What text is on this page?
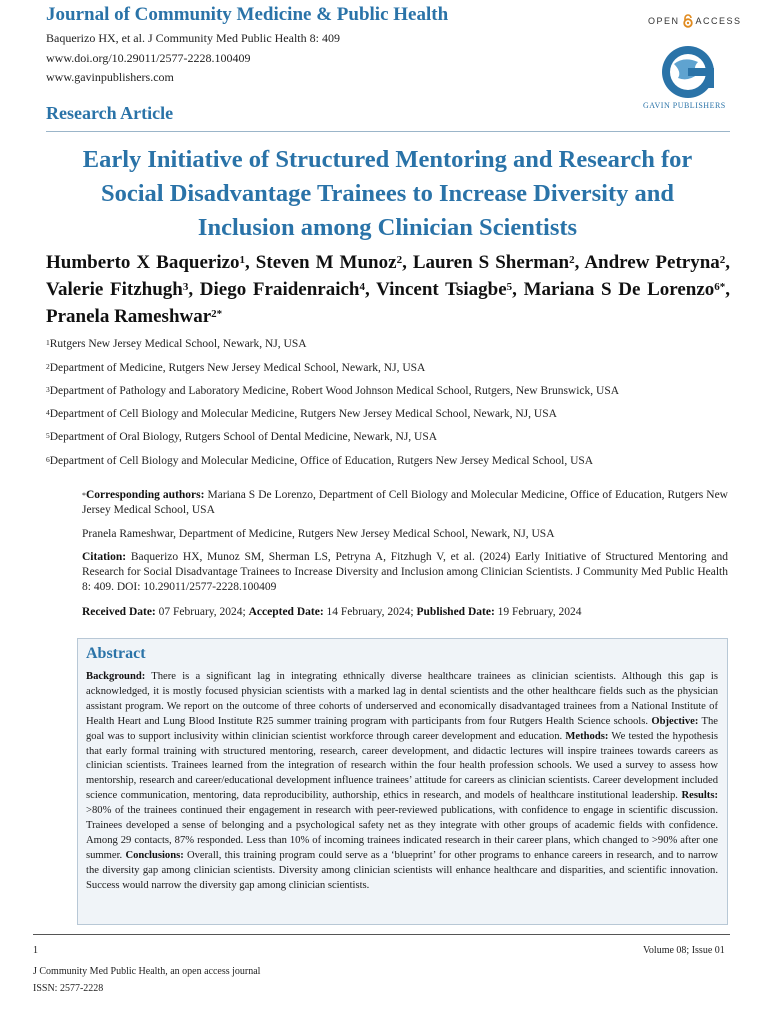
Journal of Community Medicine & Public Health
Baquerizo HX, et al. J Community Med Public Health 8: 409
www.doi.org/10.29011/2577-2228.100409
www.gavinpublishers.com
OPEN ACCESS
GAVIN PUBLISHERS
Research Article
Early Initiative of Structured Mentoring and Research for Social Disadvantage Trainees to Increase Diversity and Inclusion among Clinician Scientists
Humberto X Baquerizo$^1$, Steven M Munoz$^2$, Lauren S Sherman$^2$, Andrew Petryna$^2$, Valerie Fitzhugh$^3$, Diego Fraidenraich$^4$, Vincent Tsiagbe$^5$, Mariana S De Lorenzo$^{6*}$, Pranela Rameshwar$^{2*}$
$^1$Rutgers New Jersey Medical School, Newark, NJ, USA
$^2$Department of Medicine, Rutgers New Jersey Medical School, Newark, NJ, USA
$^3$Department of Pathology and Laboratory Medicine, Robert Wood Johnson Medical School, Rutgers, New Brunswick, USA
$^4$Department of Cell Biology and Molecular Medicine, Rutgers New Jersey Medical School, Newark, NJ, USA
$^5$Department of Oral Biology, Rutgers School of Dental Medicine, Newark, NJ, USA
$^6$Department of Cell Biology and Molecular Medicine, Office of Education, Rutgers New Jersey Medical School, USA
*Corresponding authors: Mariana S De Lorenzo, Department of Cell Biology and Molecular Medicine, Office of Education, Rutgers New Jersey Medical School, USA
Pranela Rameshwar, Department of Medicine, Rutgers New Jersey Medical School, Newark, NJ, USA
Citation: Baquerizo HX, Munoz SM, Sherman LS, Petryna A, Fitzhugh V, et al. (2024) Early Initiative of Structured Mentoring and Research for Social Disadvantage Trainees to Increase Diversity and Inclusion among Clinician Scientists. J Community Med Public Health 8: 409. DOI: 10.29011/2577-2228.100409
Received Date: 07 February, 2024; Accepted Date: 14 February, 2024; Published Date: 19 February, 2024
Abstract
Background: There is a significant lag in integrating ethnically diverse healthcare trainees as clinician scientists. Although this gap is acknowledged, it is mostly focused physician scientists with a marked lag in dental scientists and the other healthcare fields such as the physician assistant program. We report on the outcome of three cohorts of underserved and economically disadvantaged trainees from a National Institute of Health Heart and Lung Blood Institute R25 summer training program with participants from four Rutgers Health Science schools. Objective: The goal was to support inclusivity within clinician scientist workforce through career development and education. Methods: We tested the hypothesis that early formal training with structured mentoring, research, career development, and didactic lectures will inspire trainees towards careers as clinician scientists. Trainees learned from the integration of research within the four health profession schools. We used a survey to assess how mentorship, research and career/educational development influence trainees’ attitude for careers as clinician scientists. Career development included science communication, mentoring, data reproducibility, authorship, ethics in research, and models of healthcare institutional leadership. Results: >80% of the trainees continued their engagement in research with peer-reviewed publications, with confidence to engage in scientific discussion. Trainees developed a sense of belonging and a psychological safety net as they integrate with other groups of academic fields with confidence. Among 29 contacts, 87% responded. Less than 10% of incoming trainees indicated research in their career plans, which changed to >90% after one summer. Conclusions: Overall, this training program could serve as a ‘blueprint’ for other programs to enhance careers in research, and to narrow the diversity gap among clinician scientists. Diversity among clinician scientists will enhance healthcare and disparities, and scientific innovation. Success would narrow the diversity gap among clinician scientists.
1	Volume 08; Issue 01
J Community Med Public Health, an open access journal
ISSN: 2577-2228
